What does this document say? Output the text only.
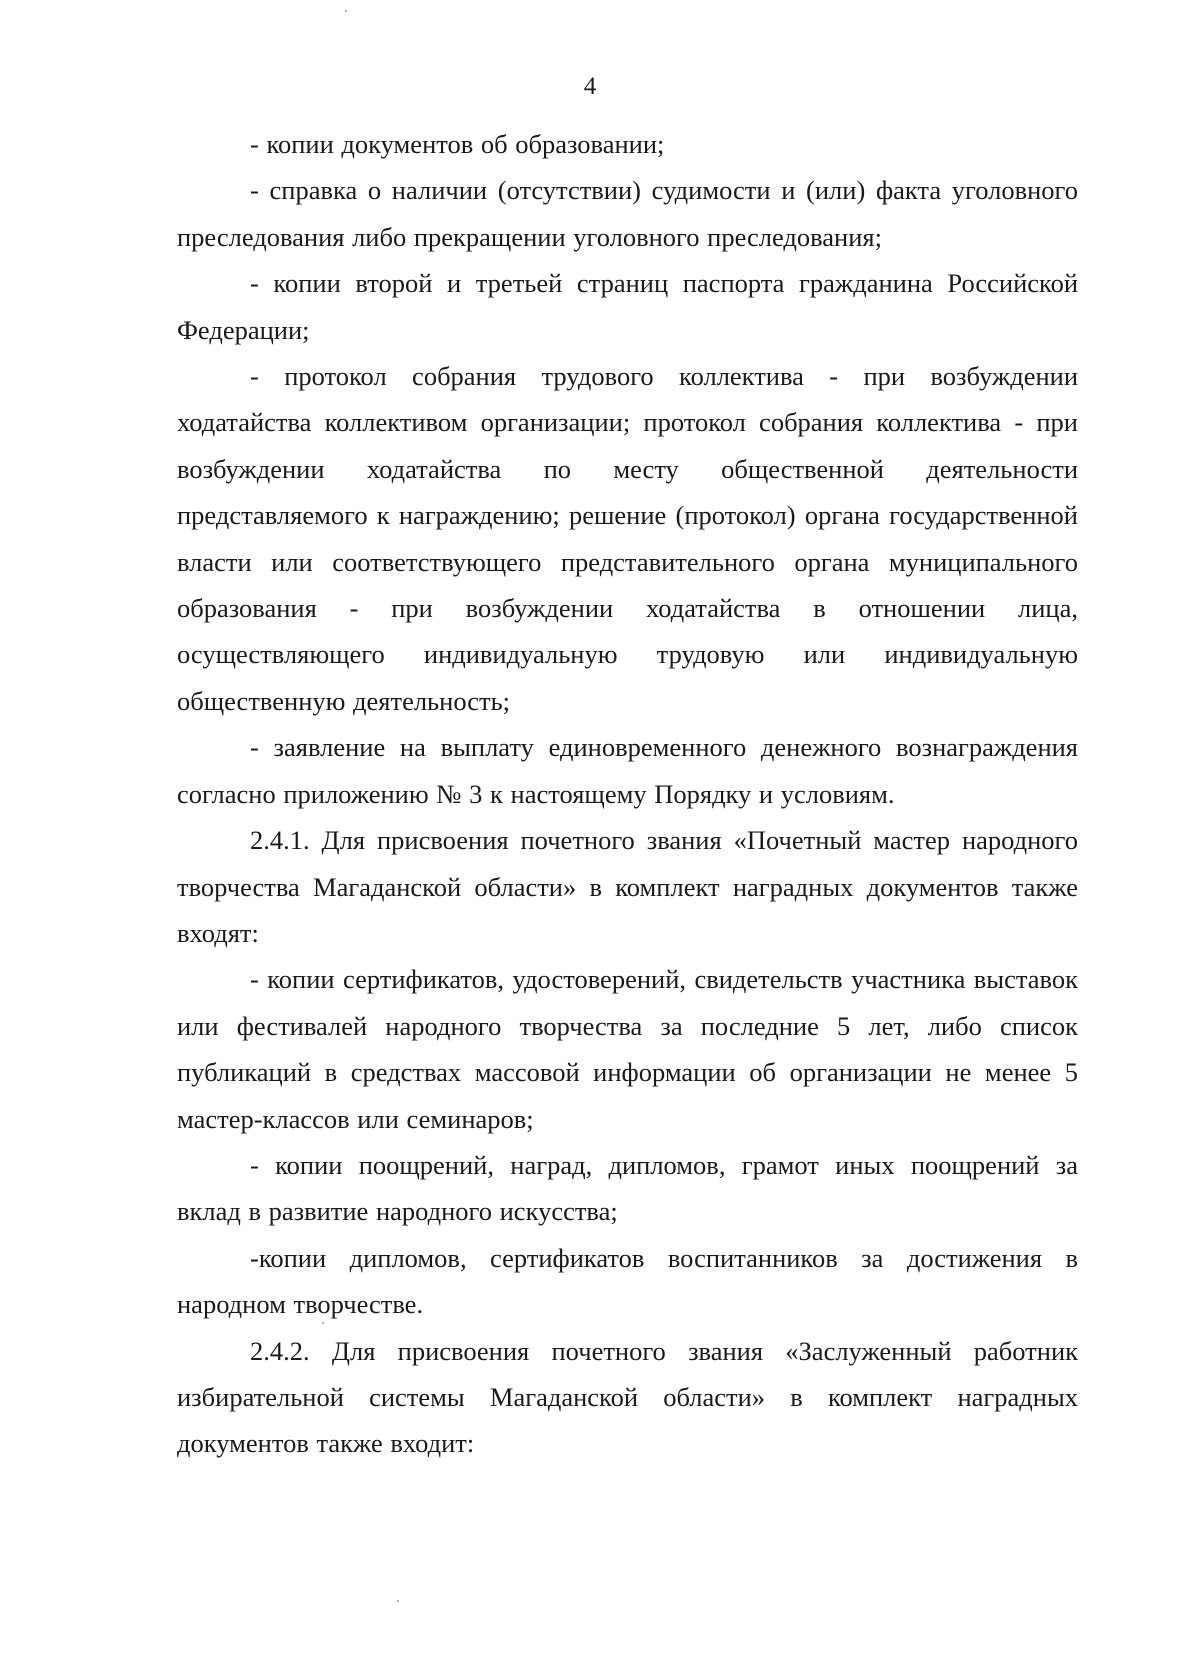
4

- копии документов об образовании;

- справка о наличии (отсутствии) судимости и (или) факта уголовного преследования либо прекращении уголовного преследования;

- копии второй и третьей страниц паспорта гражданина Российской Федерации;

- протокол собрания трудового коллектива - при возбуждении ходатайства коллективом организации; протокол собрания коллектива - при возбуждении ходатайства по месту общественной деятельности представляемого к награждению; решение (протокол) органа государственной власти или соответствующего представительного органа муниципального образования - при возбуждении ходатайства в отношении лица, осуществляющего индивидуальную трудовую или индивидуальную общественную деятельность;

- заявление на выплату единовременного денежного вознаграждения согласно приложению № 3 к настоящему Порядку и условиям.

2.4.1. Для присвоения почетного звания «Почетный мастер народного творчества Магаданской области» в комплект наградных документов также входят:

- копии сертификатов, удостоверений, свидетельств участника выставок или фестивалей народного творчества за последние 5 лет, либо список публикаций в средствах массовой информации об организации не менее 5 мастер-классов или семинаров;

- копии поощрений, наград, дипломов, грамот иных поощрений за вклад в развитие народного искусства;

-копии дипломов, сертификатов воспитанников за достижения в народном творчестве.

2.4.2. Для присвоения почетного звания «Заслуженный работник избирательной системы Магаданской области» в комплект наградных документов также входит:
